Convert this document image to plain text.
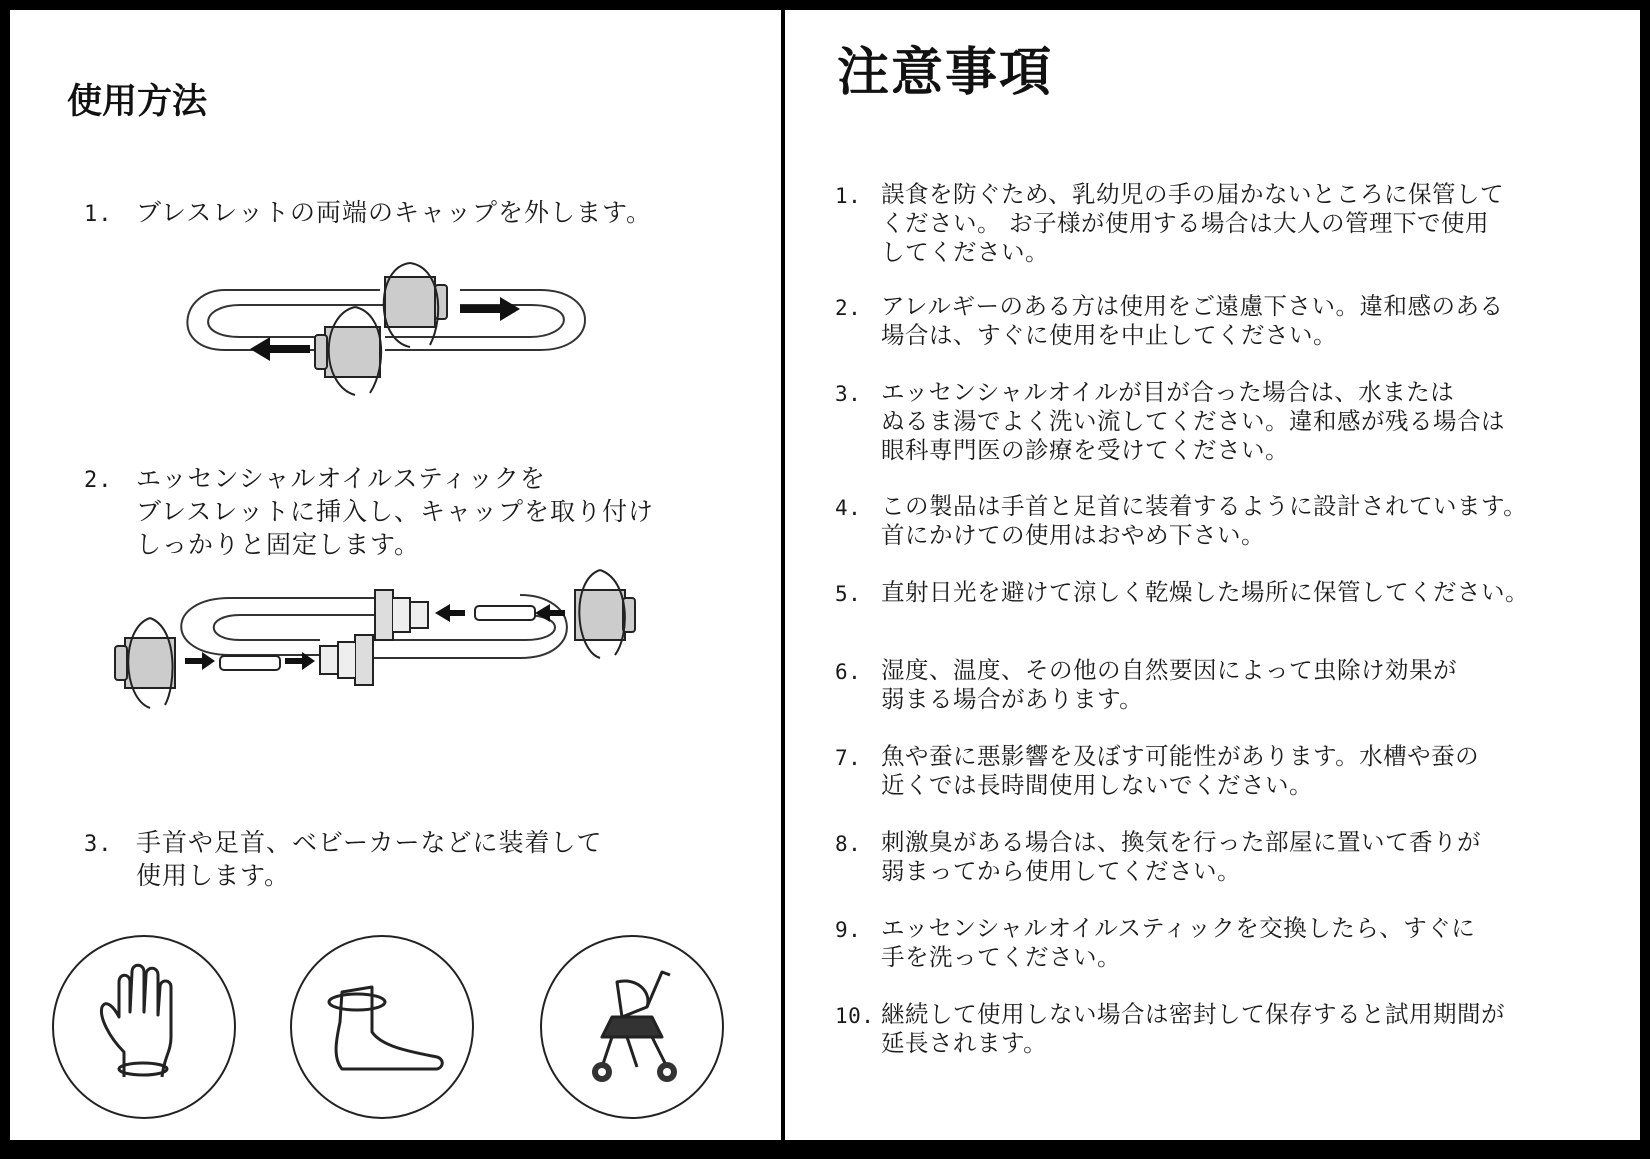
使用方法
1. ブレスレットの両端のキャップを外します。
2. エッセンシャルオイルスティックを
ブレスレットに挿入し、キャップを取り付け
しっかりと固定します。
3. 手首や足首、ベビーカーなどに装着して
使用します。
注意事項
1. 誤食を防ぐため、乳幼児の手の届かないところに保管して
ください。 お子様が使用する場合は大人の管理下で使用
してください。
2. アレルギーのある方は使用をご遠慮下さい。違和感のある
場合は、すぐに使用を中止してください。
3. エッセンシャルオイルが目が合った場合は、水または
ぬるま湯でよく洗い流してください。違和感が残る場合は
眼科専門医の診療を受けてください。
4. この製品は手首と足首に装着するように設計されています。
首にかけての使用はおやめ下さい。
5. 直射日光を避けて涼しく乾燥した場所に保管してください。
6. 湿度、温度、その他の自然要因によって虫除け効果が
弱まる場合があります。
7. 魚や蚕に悪影響を及ぼす可能性があります。水槽や蚕の
近くでは長時間使用しないでください。
8. 刺激臭がある場合は、換気を行った部屋に置いて香りが
弱まってから使用してください。
9. エッセンシャルオイルスティックを交換したら、すぐに
手を洗ってください。
10. 継続して使用しない場合は密封して保存すると試用期間が
延長されます。
